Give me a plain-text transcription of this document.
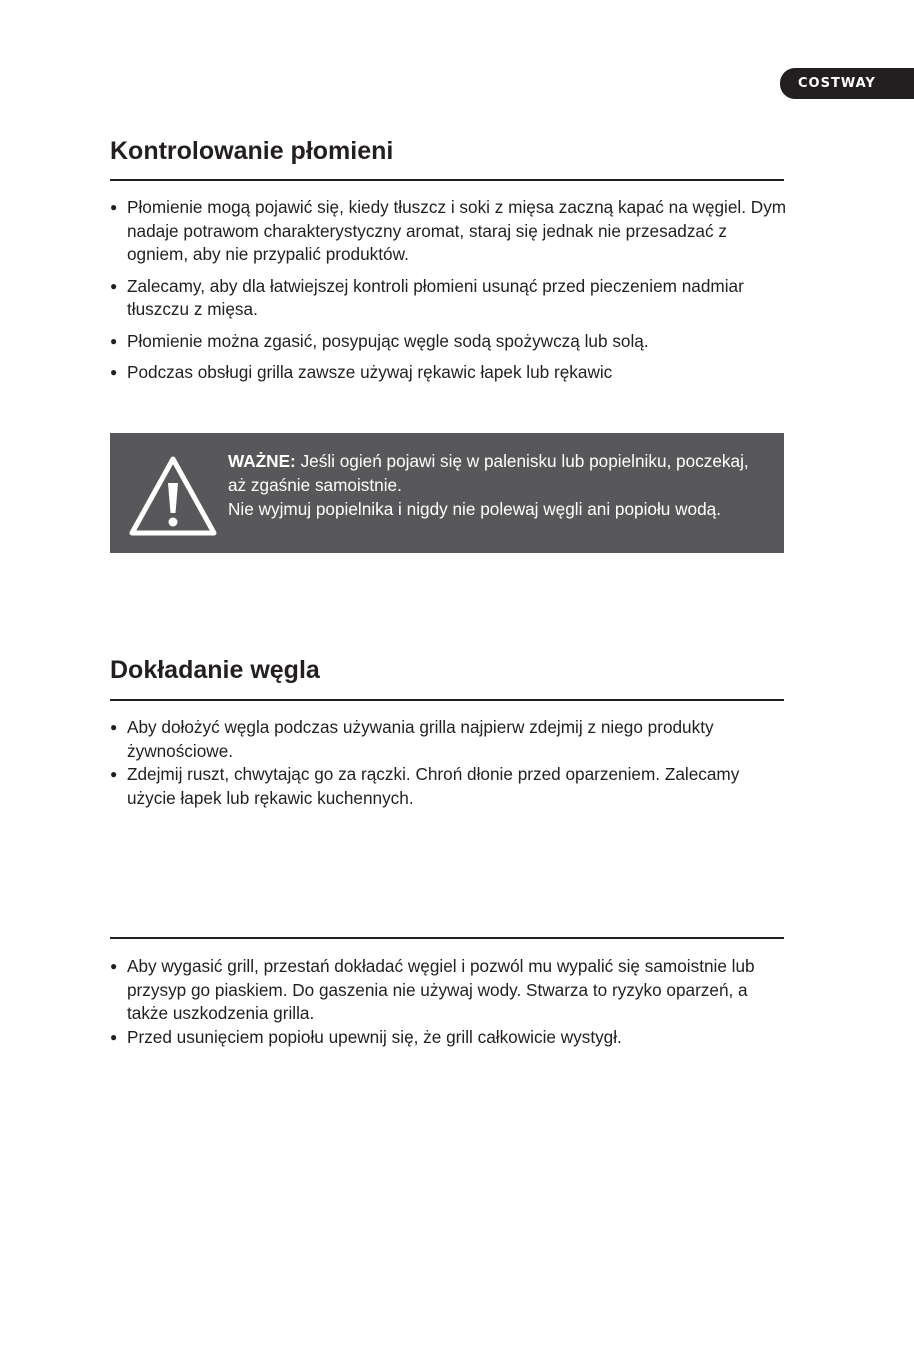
COSTWAY
Kontrolowanie płomieni
● Płomienie mogą pojawić się, kiedy tłuszcz i soki z mięsa zaczną kapać na węgiel. Dym nadaje potrawom charakterystyczny aromat, staraj się jednak nie przesadzać z ogniem, aby nie przypalić produktów.
● Zalecamy, aby dla łatwiejszej kontroli płomieni usunąć przed pieczeniem nadmiar tłuszczu z mięsa.
● Płomienie można zgasić, posypując węgle sodą spożywczą lub solą.
● Podczas obsługi grilla zawsze używaj rękawic łapek lub rękawic
WAŻNE: Jeśli ogień pojawi się w palenisku lub popielniku, poczekaj, aż zgaśnie samoistnie.
Nie wyjmuj popielnika i nigdy nie polewaj węgli ani popiołu wodą.
Dokładanie węgla
● Aby dołożyć węgla podczas używania grilla najpierw zdejmij z niego produkty żywnościowe.
● Zdejmij ruszt, chwytając go za rączki. Chroń dłonie przed oparzeniem. Zalecamy użycie łapek lub rękawic kuchennych.
● Aby wygasić grill, przestań dokładać węgiel i pozwól mu wypalić się samoistnie lub przysyp go piaskiem. Do gaszenia nie używaj wody. Stwarza to ryzyko oparzeń, a także uszkodzenia grilla.
● Przed usunięciem popiołu upewnij się, że grill całkowicie wystygł.
